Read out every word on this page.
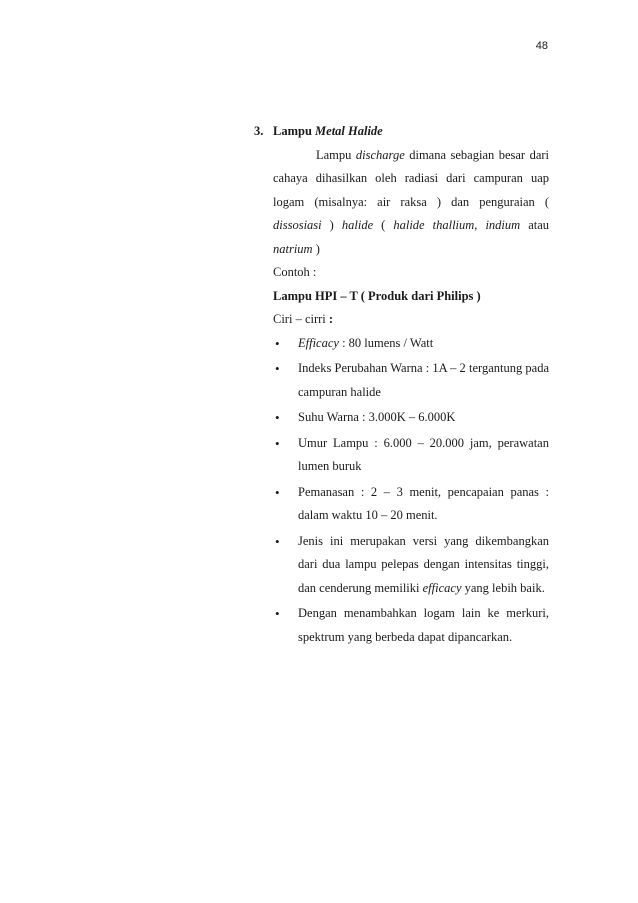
48
3. Lampu Metal Halide
Lampu discharge dimana sebagian besar dari cahaya dihasilkan oleh radiasi dari campuran uap logam (misalnya: air raksa ) dan penguraian ( dissosiasi ) halide ( halide thallium, indium atau natrium )
Contoh :
Lampu HPI – T ( Produk dari Philips )
Ciri – cirri :
• Efficacy : 80 lumens / Watt
• Indeks Perubahan Warna : 1A – 2 tergantung pada campuran halide
• Suhu Warna : 3.000K – 6.000K
• Umur Lampu : 6.000 – 20.000 jam, perawatan lumen buruk
• Pemanasan : 2 – 3 menit, pencapaian panas : dalam waktu 10 – 20 menit.
• Jenis ini merupakan versi yang dikembangkan dari dua lampu pelepas dengan intensitas tinggi, dan cenderung memiliki efficacy yang lebih baik.
• Dengan menambahkan logam lain ke merkuri, spektrum yang berbeda dapat dipancarkan.
